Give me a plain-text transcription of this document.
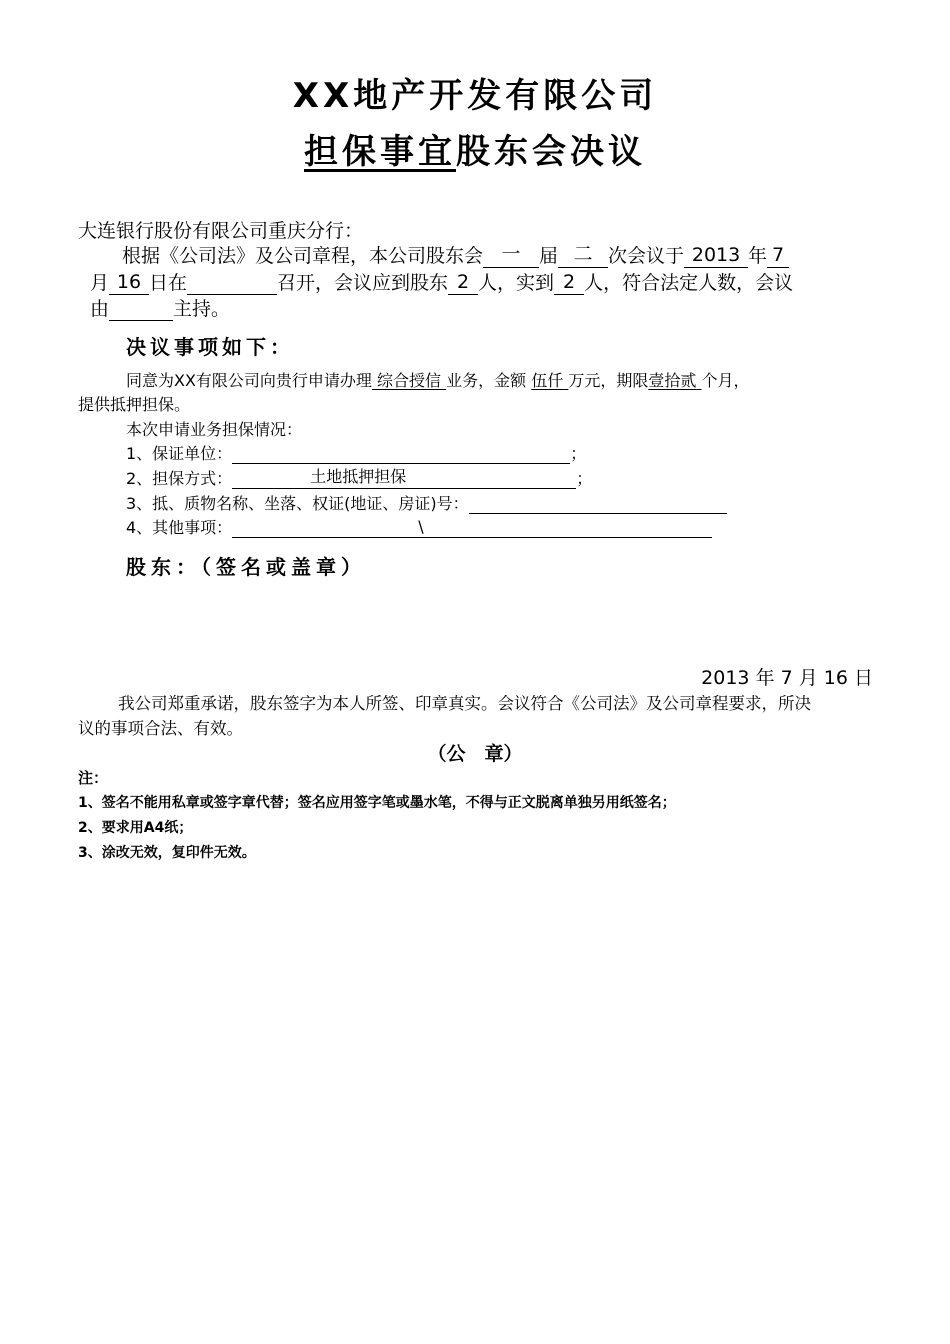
XX地产开发有限公司
担保事宜股东会决议
大连银行股份有限公司重庆分行：
根据《公司法》及公司章程，本公司股东会 一 届 二 次会议于 2013 年 7
月 16 日在	召开，会议应到股东 2 人，实到 2 人，符合法定人数，会议
由	主持。
决议事项如下：
同意为XX有限公司向贵行申请办理 综合授信 业务，金额 伍仟 万元，期限壹拾贰 个月，
提供抵押担保。
本次申请业务担保情况：
1、保证单位：	；
2、担保方式：	土地抵押担保	；
3、抵、质物名称、坐落、权证(地证、房证)号：
4、其他事项：	\
股东：（签名或盖章）
2013 年 7 月 16 日
我公司郑重承诺，股东签字为本人所签、印章真实。会议符合《公司法》及公司章程要求，所决
议的事项合法、有效。
（公　章）
注：
1、签名不能用私章或签字章代替；签名应用签字笔或墨水笔，不得与正文脱离单独另用纸签名；
2、要求用A4纸；
3、涂改无效，复印件无效。
